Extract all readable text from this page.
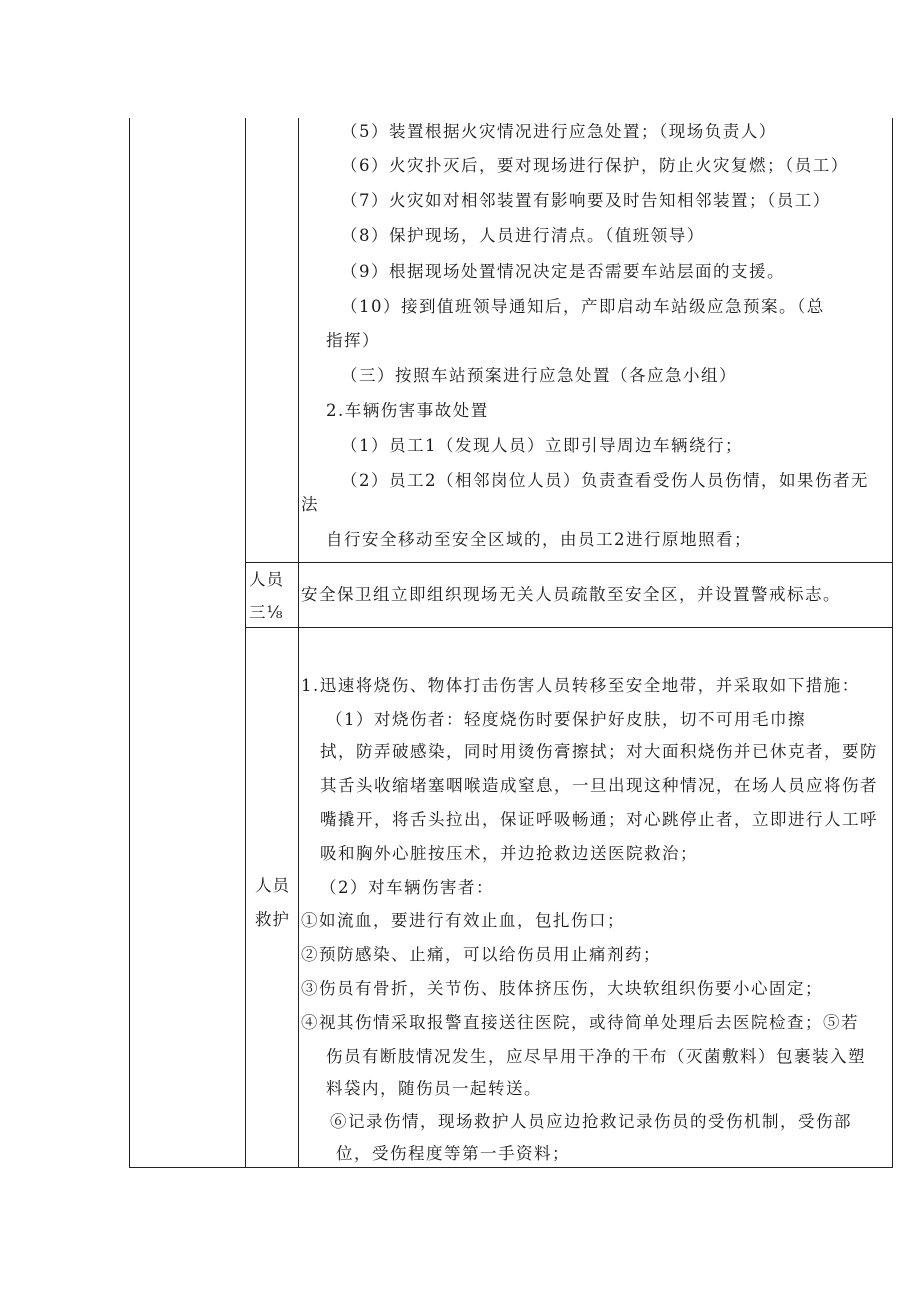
（5）装置根据火灾情况进行应急处置；（现场负责人）
（6）火灾扑灭后，要对现场进行保护，防止火灾复燃；（员工）
（7）火灾如对相邻装置有影响要及时告知相邻装置；（员工）
（8）保护现场，人员进行清点。（值班领导）
（9）根据现场处置情况决定是否需要车站层面的支援。
（10）接到值班领导通知后，产即启动车站级应急预案。（总
指挥）
（三）按照车站预案进行应急处置（各应急小组）
2.车辆伤害事故处置
（1）员工1（发现人员）立即引导周边车辆绕行；
（2）员工2（相邻岗位人员）负责查看受伤人员伤情，如果伤者无
法
自行安全移动至安全区域的，由员工2进行原地照看；
人员
三⅛
安全保卫组立即组织现场无关人员疏散至安全区，并设置警戒标志。
人员
救护
1.迅速将烧伤、物体打击伤害人员转移至安全地带，并采取如下措施：
（1）对烧伤者：轻度烧伤时要保护好皮肤，切不可用毛巾擦
拭，防弄破感染，同时用烫伤膏擦拭；对大面积烧伤并已休克者，要防
其舌头收缩堵塞咽喉造成窒息，一旦出现这种情况，在场人员应将伤者
嘴撬开，将舌头拉出，保证呼吸畅通；对心跳停止者，立即进行人工呼
吸和胸外心脏按压术，并边抢救边送医院救治；
（2）对车辆伤害者：
①如流血，要进行有效止血，包扎伤口；
②预防感染、止痛，可以给伤员用止痛剂药；
③伤员有骨折，关节伤、肢体挤压伤，大块软组织伤要小心固定；
④视其伤情采取报警直接送往医院，或待简单处理后去医院检查；⑤若
伤员有断肢情况发生，应尽早用干净的干布（灭菌敷料）包裹装入塑
料袋内，随伤员一起转送。
⑥记录伤情，现场救护人员应边抢救记录伤员的受伤机制，受伤部
位，受伤程度等第一手资料；
